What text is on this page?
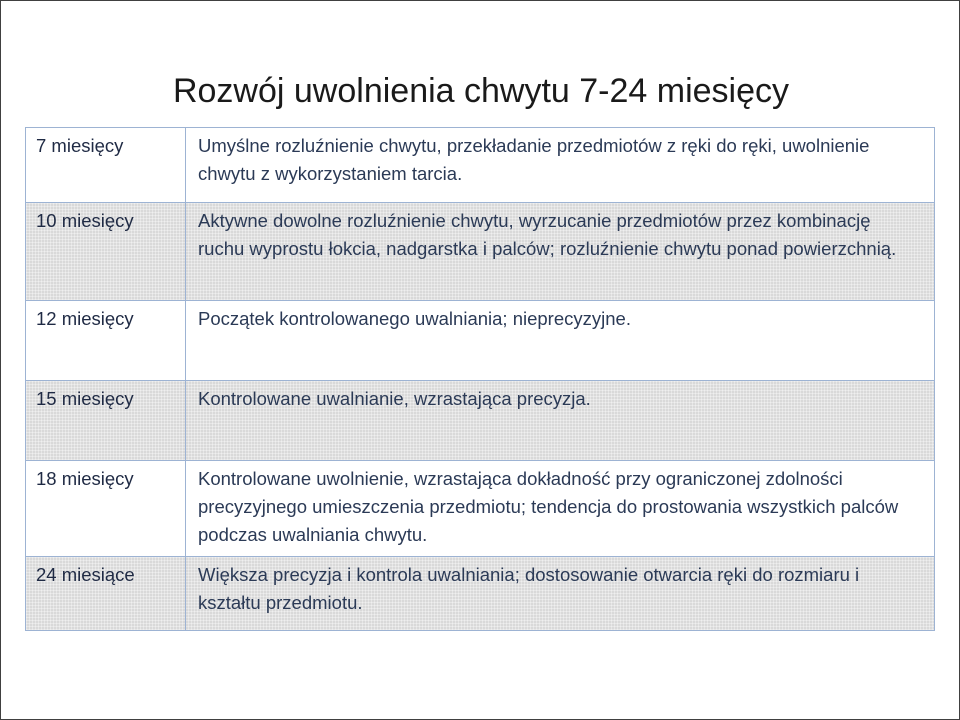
Rozwój uwolnienia chwytu 7-24 miesięcy
7 miesięcy	Umyślne rozluźnienie chwytu, przekładanie przedmiotów z ręki do ręki, uwolnienie chwytu z wykorzystaniem tarcia.
10 miesięcy	Aktywne dowolne rozluźnienie chwytu, wyrzucanie przedmiotów przez kombinację ruchu wyprostu łokcia, nadgarstka i palców; rozluźnienie chwytu ponad powierzchnią.
12 miesięcy	Początek kontrolowanego uwalniania; nieprecyzyjne.
15 miesięcy	Kontrolowane uwalnianie, wzrastająca precyzja.
18 miesięcy	Kontrolowane uwolnienie, wzrastająca dokładność przy ograniczonej zdolności precyzyjnego umieszczenia przedmiotu; tendencja do prostowania wszystkich palców podczas uwalniania chwytu.
24 miesiące	Większa precyzja i kontrola uwalniania; dostosowanie otwarcia ręki do rozmiaru i kształtu przedmiotu.
